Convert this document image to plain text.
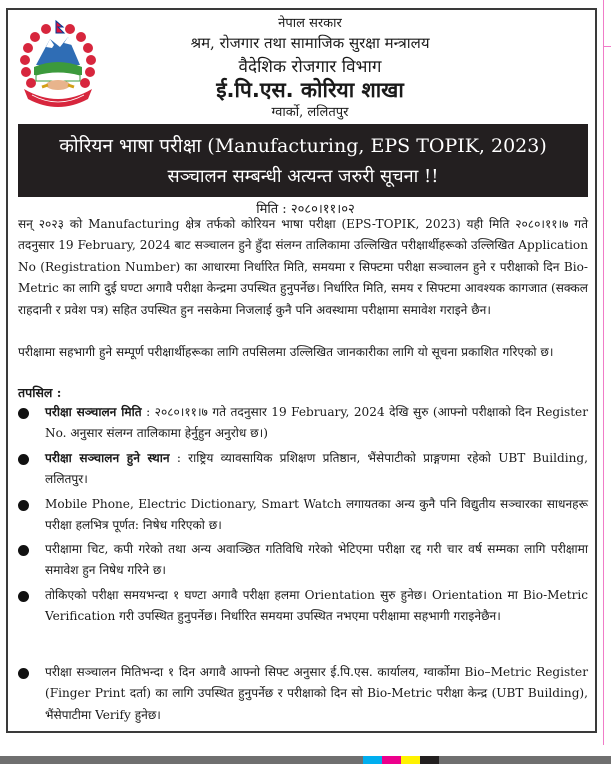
नेपाल सरकार
श्रम, रोजगार तथा सामाजिक सुरक्षा मन्त्रालय
वैदेशिक रोजगार विभाग
ई.पि.एस. कोरिया शाखा
ग्वार्को, ललितपुर
कोरियन भाषा परीक्षा (Manufacturing, EPS TOPIK, 2023)
सञ्चालन सम्बन्धी अत्यन्त जरुरी सूचना !!
मिति : २०८०।११।०२
सन् २०२३ को Manufacturing क्षेत्र तर्फको कोरियन भाषा परीक्षा (EPS-TOPIK, 2023) यही मिति २०८०।११।७ गते तदनुसार 19 February, 2024 बाट सञ्चालन हुने हुँदा संलग्न तालिकामा उल्लिखित परीक्षार्थीहरूको उल्लिखित Application No (Registration Number) का आधारमा निर्धारित मिति, समयमा र सिफ्टमा परीक्षा सञ्चालन हुने र परीक्षाको दिन Bio-Metric का लागि दुई घण्टा अगावै परीक्षा केन्द्रमा उपस्थित हुनुपर्नेछ। निर्धारित मिति, समय र सिफ्टमा आवश्यक कागजात (सक्कल राहदानी र प्रवेश पत्र) सहित उपस्थित हुन नसकेमा निजलाई कुनै पनि अवस्थामा परीक्षामा समावेश गराइने छैन।
परीक्षामा सहभागी हुने सम्पूर्ण परीक्षार्थीहरूका लागि तपसिलमा उल्लिखित जानकारीका लागि यो सूचना प्रकाशित गरिएको छ।
तपसिल :
परीक्षा सञ्चालन मिति : २०८०।११।७ गते तदनुसार 19 February, 2024 देखि सुरु (आफ्नो परीक्षाको दिन Register No. अनुसार संलग्न तालिकामा हेर्नुहुन अनुरोध छ।)
परीक्षा सञ्चालन हुने स्थान : राष्ट्रिय व्यावसायिक प्रशिक्षण प्रतिष्ठान, भैंसेपाटीको प्राङ्गणमा रहेको UBT Building, ललितपुर।
Mobile Phone, Electric Dictionary, Smart Watch लगायतका अन्य कुनै पनि विद्युतीय सञ्चारका साधनहरू परीक्षा हलभित्र पूर्णत: निषेध गरिएको छ।
परीक्षामा चिट, कपी गरेको तथा अन्य अवाञ्छित गतिविधि गरेको भेटिएमा परीक्षा रद्द गरी चार वर्ष सम्मका लागि परीक्षामा समावेश हुन निषेध गरिने छ।
तोकिएको परीक्षा समयभन्दा १ घण्टा अगावै परीक्षा हलमा Orientation सुरु हुनेछ। Orientation मा Bio-Metric Verification गरी उपस्थित हुनुपर्नेछ। निर्धारित समयमा उपस्थित नभएमा परीक्षामा सहभागी गराइनेछैन।
परीक्षा सञ्चालन मितिभन्दा १ दिन अगावै आफ्नो सिफ्ट अनुसार ई.पि.एस. कार्यालय, ग्वार्कोमा Bio–Metric Register (Finger Print दर्ता) का लागि उपस्थित हुनुपर्नेछ र परीक्षाको दिन सो Bio-Metric परीक्षा केन्द्र (UBT Building), भैंसेपाटीमा Verify हुनेछ।
